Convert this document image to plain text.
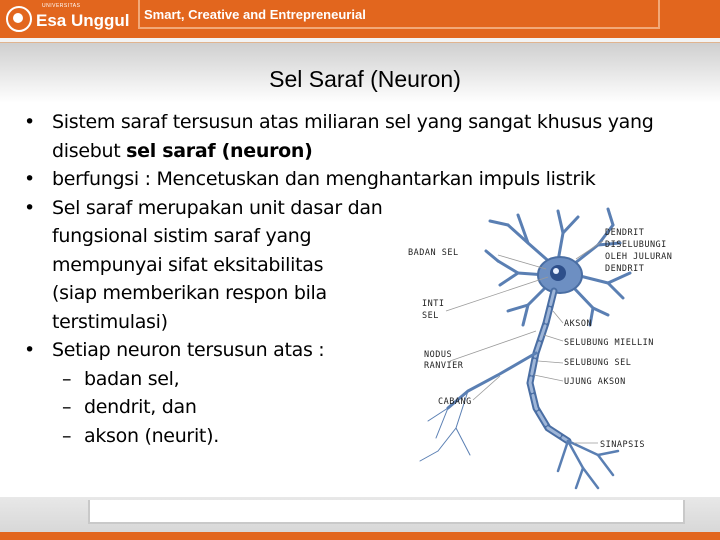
Esa Unggul
UNIVERSITAS
Smart, Creative and Entrepreneurial
Sel Saraf (Neuron)
• Sistem saraf tersusun atas miliaran sel yang sangat khusus yang disebut sel saraf (neuron)
• berfungsi : Mencetuskan dan menghantarkan impuls listrik
• Sel saraf merupakan unit dasar dan
fungsional sistim saraf yang
mempunyai sifat eksitabilitas
(siap memberikan respon bila
terstimulasi)
• Setiap neuron tersusun atas :
– badan sel,
– dendrit, dan
– akson (neurit).
DENDRIT
DISELUBUNGI
OLEH JULURAN
DENDRIT
BADAN SEL
INTI
SEL
AKSON
SELUBUNG MIELLIN
NODUS
RANVIER	SELUBUNG SEL
UJUNG AKSON
CABANG
SINAPSIS
